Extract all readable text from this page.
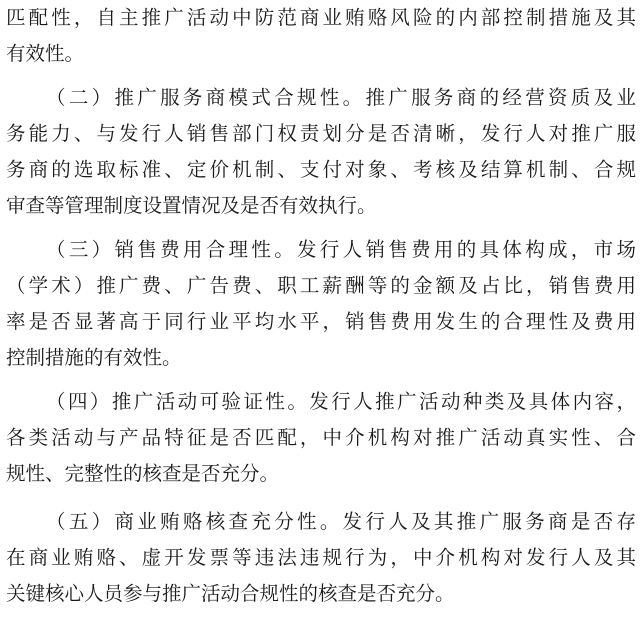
匹配性，自主推广活动中防范商业贿赂风险的内部控制措施及其
有效性。
（二）推广服务商模式合规性。推广服务商的经营资质及业
务能力、与发行人销售部门权责划分是否清晰，发行人对推广服
务商的选取标准、定价机制、支付对象、考核及结算机制、合规
审查等管理制度设置情况及是否有效执行。
（三）销售费用合理性。发行人销售费用的具体构成，市场
（学术）推广费、广告费、职工薪酬等的金额及占比，销售费用
率是否显著高于同行业平均水平，销售费用发生的合理性及费用
控制措施的有效性。
（四）推广活动可验证性。发行人推广活动种类及具体内容，
各类活动与产品特征是否匹配，中介机构对推广活动真实性、合
规性、完整性的核查是否充分。
（五）商业贿赂核查充分性。发行人及其推广服务商是否存
在商业贿赂、虚开发票等违法违规行为，中介机构对发行人及其
关键核心人员参与推广活动合规性的核查是否充分。
